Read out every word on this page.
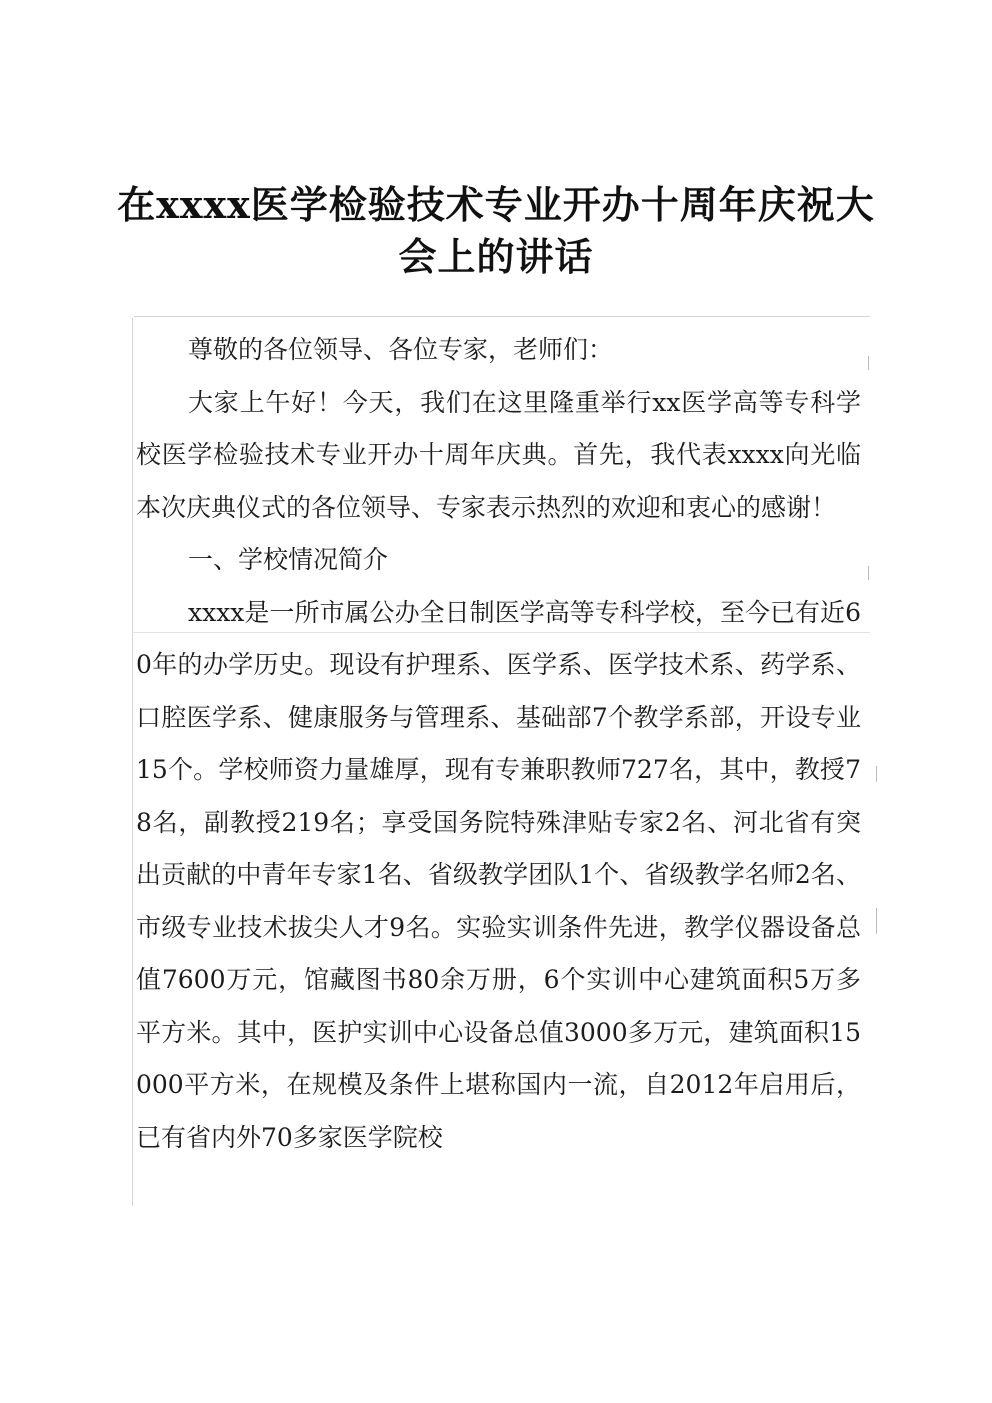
在xxxx医学检验技术专业开办十周年庆祝大
会上的讲话

尊敬的各位领导、各位专家，老师们：

大家上午好！今天，我们在这里隆重举行xx医学高等专科学校医学检验技术专业开办十周年庆典。首先，我代表xxxx向光临本次庆典仪式的各位领导、专家表示热烈的欢迎和衷心的感谢！

一、学校情况简介

xxxx是一所市属公办全日制医学高等专科学校，至今已有近60年的办学历史。现设有护理系、医学系、医学技术系、药学系、口腔医学系、健康服务与管理系、基础部7个教学系部，开设专业15个。学校师资力量雄厚，现有专兼职教师727名，其中，教授78名，副教授219名；享受国务院特殊津贴专家2名、河北省有突出贡献的中青年专家1名、省级教学团队1个、省级教学名师2名、市级专业技术拔尖人才9名。实验实训条件先进，教学仪器设备总值7600万元，馆藏图书80余万册，6个实训中心建筑面积5万多平方米。其中，医护实训中心设备总值3000多万元，建筑面积15000平方米，在规模及条件上堪称国内一流，自2012年启用后，已有省内外70多家医学院校
